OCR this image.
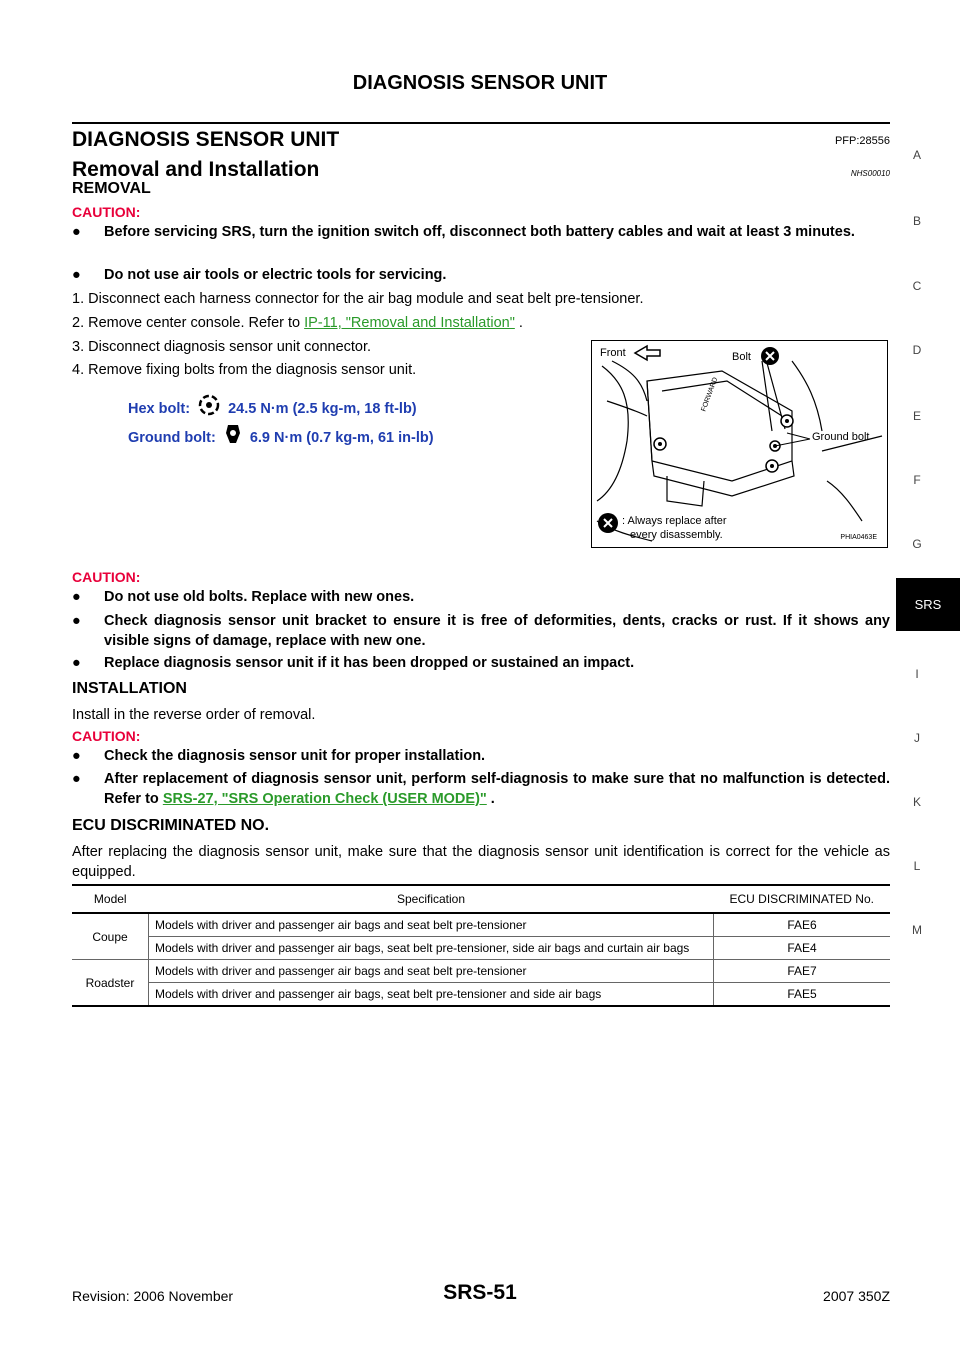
DIAGNOSIS SENSOR UNIT
DIAGNOSIS SENSOR UNIT	PFP:28556
Removal and Installation	NHS00010
REMOVAL
CAUTION:
● Before servicing SRS, turn the ignition switch off, disconnect both battery cables and wait at least 3 minutes.
● Do not use air tools or electric tools for servicing.
1. Disconnect each harness connector for the air bag module and seat belt pre-tensioner.
2. Remove center console. Refer to IP-11, "Removal and Installation" .
3. Disconnect diagnosis sensor unit connector.
4. Remove fixing bolts from the diagnosis sensor unit.
Hex bolt:	24.5 N·m (2.5 kg-m, 18 ft-lb)
Ground bolt: 6.9 N·m (0.7 kg-m, 61 in-lb)
Front	Bolt
FORWARD
Ground bolt
: Always replace after
every disassembly.	PHIA0463E
CAUTION:
● Do not use old bolts. Replace with new ones.
● Check diagnosis sensor unit bracket to ensure it is free of deformities, dents, cracks or rust. If it shows any visible signs of damage, replace with new one.
● Replace diagnosis sensor unit if it has been dropped or sustained an impact.
INSTALLATION
Install in the reverse order of removal.
CAUTION:
● Check the diagnosis sensor unit for proper installation.
● After replacement of diagnosis sensor unit, perform self-diagnosis to make sure that no malfunction is detected. Refer to SRS-27, "SRS Operation Check (USER MODE)" .
ECU DISCRIMINATED NO.
After replacing the diagnosis sensor unit, make sure that the diagnosis sensor unit identification is correct for the vehicle as equipped.
Model	Specification	ECU DISCRIMINATED No.
Coupe	Models with driver and passenger air bags and seat belt pre-tensioner	FAE6
	Models with driver and passenger air bags, seat belt pre-tensioner, side air bags and curtain air bags	FAE4
Roadster	Models with driver and passenger air bags and seat belt pre-tensioner	FAE7
	Models with driver and passenger air bags, seat belt pre-tensioner and side air bags	FAE5
A
B
C
D
E
F
G
I
J
K
L
M
SRS
Revision: 2006 November	SRS-51	2007 350Z
